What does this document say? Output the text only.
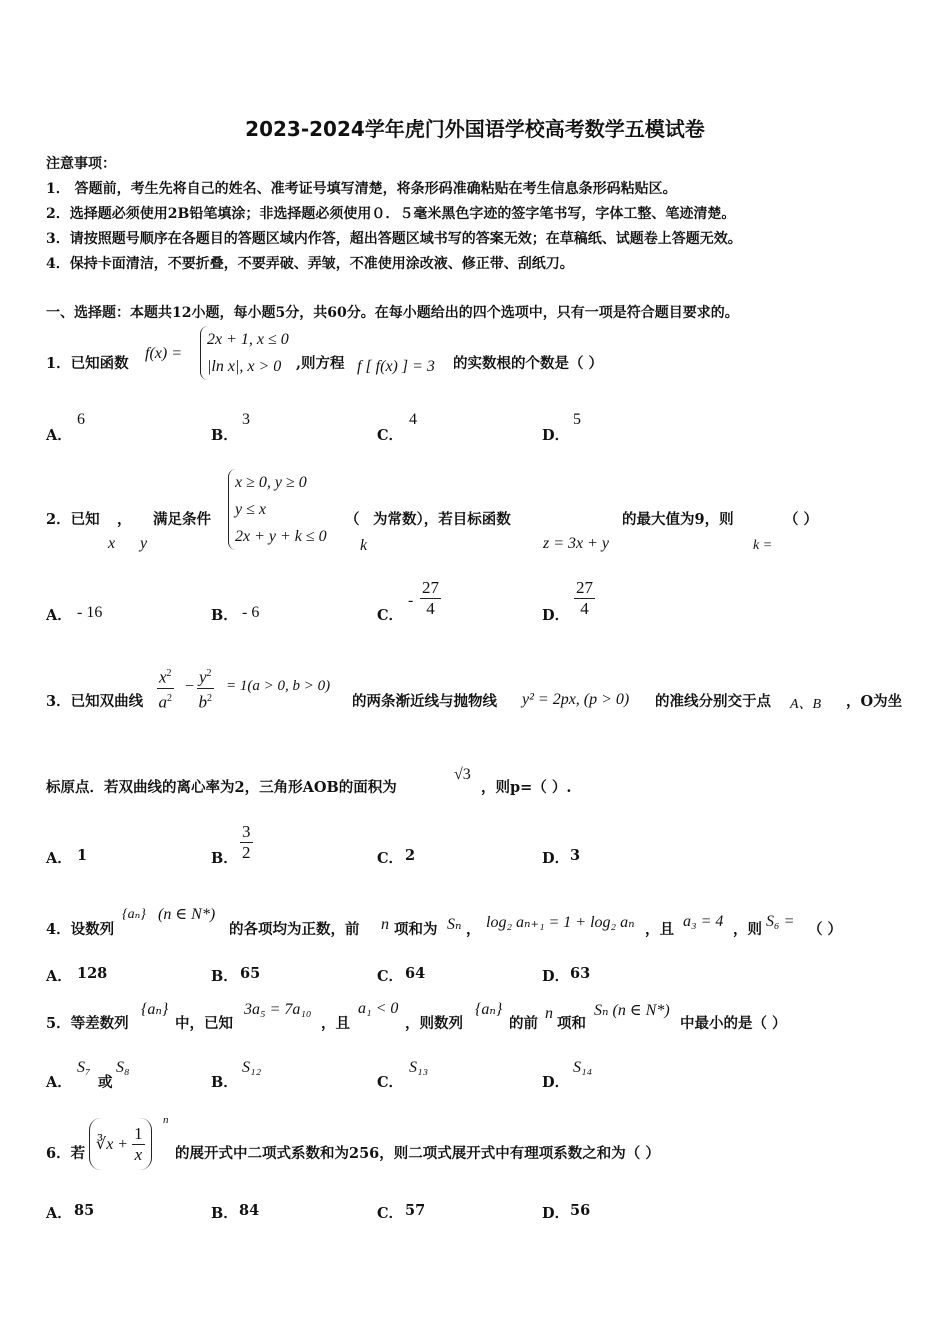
2023-2024学年虎门外国语学校高考数学五模试卷
注意事项：
1． 答题前，考生先将自己的姓名、准考证号填写清楚，将条形码准确粘贴在考生信息条形码粘贴区。
2．选择题必须使用2B铅笔填涂；非选择题必须使用０．５毫米黑色字迹的签字笔书写，字体工整、笔迹清楚。
3．请按照题号顺序在各题目的答题区域内作答，超出答题区域书写的答案无效；在草稿纸、试题卷上答题无效。
4．保持卡面清洁，不要折叠，不要弄破、弄皱，不准使用涂改液、修正带、刮纸刀。
一、选择题：本题共12小题，每小题5分，共60分。在每小题给出的四个选项中，只有一项是符合题目要求的。
1．已知函数
f(x) =
2x + 1, x ≤ 0
|ln x|, x > 0	,则方程 f [ f(x) ] = 3 的实数根的个数是（ ）
A．
6
B．
3
C．
4
D．
5
2．已知 ， 满足条件
x y
x ≥ 0, y ≥ 0
y ≤ x
2x + y + k ≤ 0
（
k
为常数），若目标函数
z = 3x + y
的最大值为9，则
k =
（ ）
A． - 16	B． - 6	C．
- $\frac{27}{4}$	D． $\frac{27}{4}$
3．已知双曲线 $\frac{x^2}{a^2} - \frac{y^2}{b^2} = 1(a > 0$, b > 0)
的两条渐近线与抛物线 y² = 2px, (p > 0) 的准线分别交于点 A、B ，O为坐
标原点．若双曲线的离心率为2，三角形AOB的面积为
√3
，则p=（ ）.
A． 1	B． $\frac{3}{2}$	C． 2	D． 3
4．设数列
{aₙ} (n ∈ N*)
的各项均为正数，前 n 项和为 Sₙ ， log₂ aₙ₊₁ = 1 + log₂ aₙ ，且 a₃ = 4 ，则 S₆ = （ ）
A． 128	B． 65	C． 64	D． 63
5．等差数列
{aₙ}
中，已知
3a₅ = 7a₁₀
，且
a₁ < 0
，则数列
{aₙ}
的前
n
项和
Sₙ (n ∈ N*)
中最小的是（ ）
A．
S₇
或
S₈
B．
S₁₂
C．
S₁₃
D．
S₁₄
6．若
∛x + $\frac{1}{x}$
n
的展开式中二项式系数和为256，则二项式展开式中有理项系数之和为（ ）
A． 85	B． 84	C． 57	D． 56
